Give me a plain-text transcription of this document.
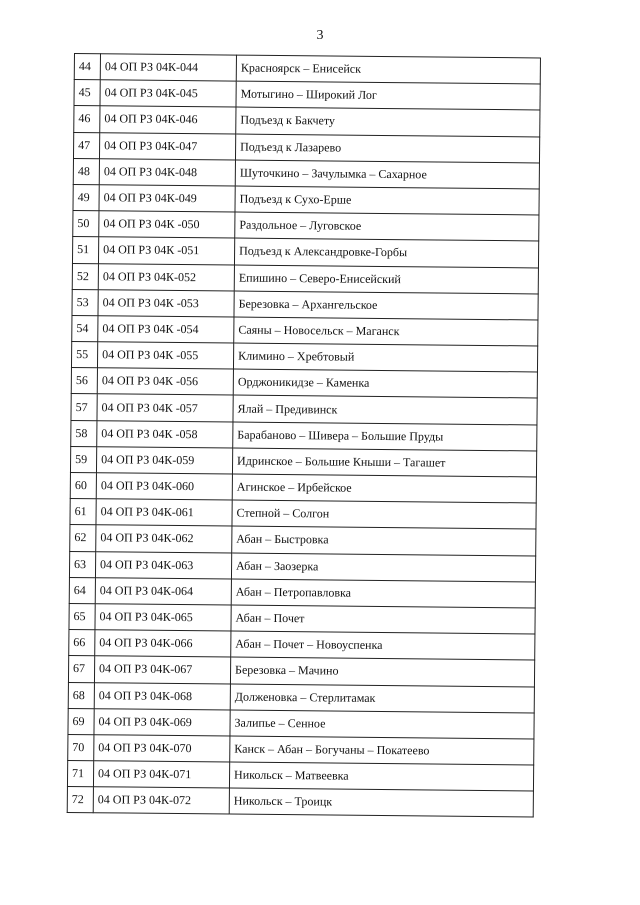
3
44	04 ОП РЗ 04К-044	Красноярск – Енисейск
45	04 ОП РЗ 04К-045	Мотыгино – Широкий Лог
46	04 ОП РЗ 04К-046	Подъезд к Бакчету
47	04 ОП РЗ 04К-047	Подъезд к Лазарево
48	04 ОП РЗ 04К-048	Шуточкино – Зачулымка – Сахарное
49	04 ОП РЗ 04К-049	Подъезд к Сухо-Ерше
50	04 ОП РЗ 04К -050	Раздольное – Луговское
51	04 ОП РЗ 04К -051	Подъезд к Александровке-Горбы
52	04 ОП РЗ 04К-052	Епишино – Северо-Енисейский
53	04 ОП РЗ 04К -053	Березовка – Архангельское
54	04 ОП РЗ 04К -054	Саяны – Новосельск – Маганск
55	04 ОП РЗ 04К -055	Климино – Хребтовый
56	04 ОП РЗ 04К -056	Орджоникидзе – Каменка
57	04 ОП РЗ 04К -057	Ялай – Предивинск
58	04 ОП РЗ 04К -058	Барабаново – Шивера – Большие Пруды
59	04 ОП РЗ 04К-059	Идринское – Большие Кныши – Тагашет
60	04 ОП РЗ 04К-060	Агинское – Ирбейское
61	04 ОП РЗ 04К-061	Степной – Солгон
62	04 ОП РЗ 04К-062	Абан – Быстровка
63	04 ОП РЗ 04К-063	Абан – Заозерка
64	04 ОП РЗ 04К-064	Абан – Петропавловка
65	04 ОП РЗ 04К-065	Абан – Почет
66	04 ОП РЗ 04К-066	Абан – Почет – Новоуспенка
67	04 ОП РЗ 04К-067	Березовка – Мачино
68	04 ОП РЗ 04К-068	Долженовка – Стерлитамак
69	04 ОП РЗ 04К-069	Залипье – Сенное
70	04 ОП РЗ 04К-070	Канск – Абан – Богучаны – Покатеево
71	04 ОП РЗ 04К-071	Никольск – Матвеевка
72	04 ОП РЗ 04К-072	Никольск – Троицк
